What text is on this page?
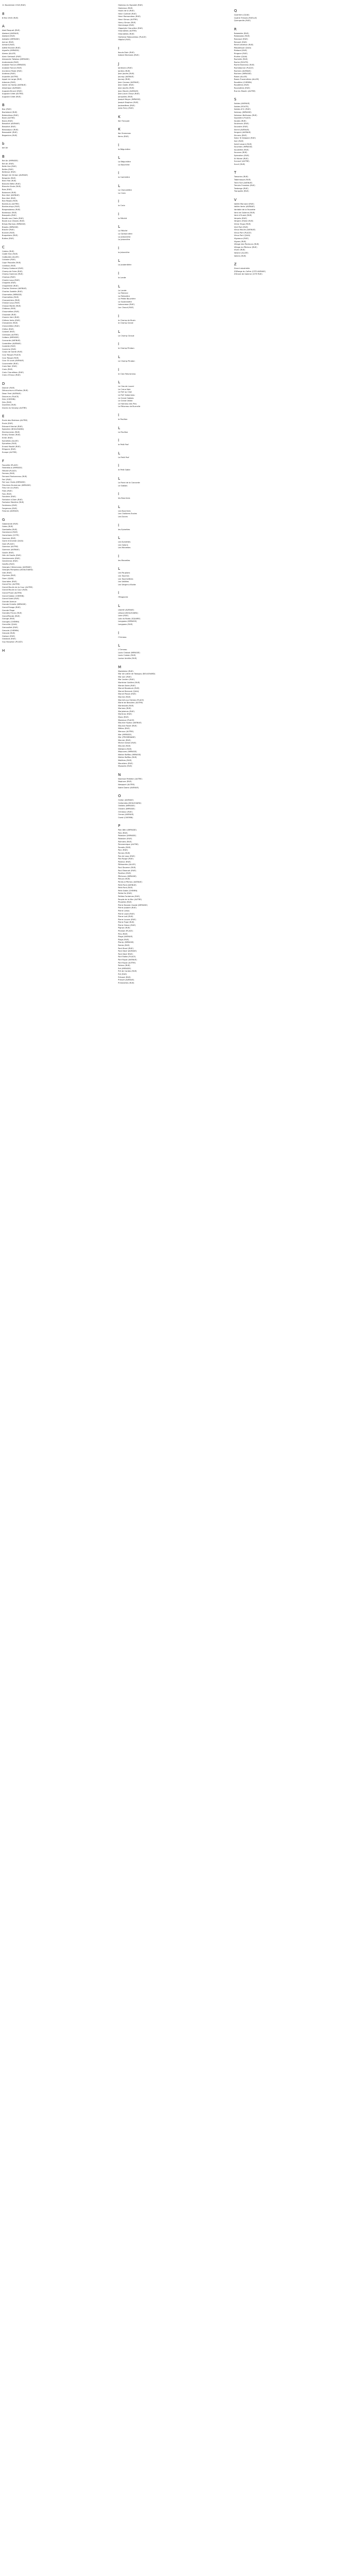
11 Novembre 1918 (RUE)
8
8 Mai 1945 (RUE)
A
Abel Pasquet (RUE)
Abelard (AVENUE)
Abelard (RUE)
Adolphe (IMPASSE)
Acinar (RUE)
Aimard (RUE)
Adèle Brulard (RUE)
Aigrefin (IMPASSE)
Alamo (ALLEE)
Alain Gerbault (RUE)
Alexandre Taliabez (IMPASSE)
Andromede (RUE)
Anatole France (IMPASSE)
Anatole France (RUE)
Ancienne Poste (RUE)
Andreos (RUE)
Anjoville (AUTRE)
Appel du Large (RUE)
Arbanes (RUE)
Astrie du Harbo (AVENUE)
Atlantique (AVENUE)
Auguste Brunel (RUE)
Auguste Gillet (AUTRE)
Auguste Gillet (RUE)
B
Bac (RUE)
Bachelard (RUE)
Balenckbos (RUE)
Bank (AUTRE)
Barra (RUE)
Beaufort (AVENUE)
Beaufort (RUE)
Beausejour (RUE)
Beausoleil (RUE)
Begoniers (RUE)
b
bel Air
B
Bel Air (IMPASSE)
Bel Air (RUE)
Belle Vue (RUE)
Belles (RUE)
Bellevue (RUE)
Berger de Clinton (AVENUE)
Bergerie (RUE)
Bien Fille (RUE)
Blanche Bélie (RUE)
Blanche Drole (RUE)
Bois (RUE)
Bolonnet (RUE)
Bon Abri (AVENUE)
Bon Abri (RUE)
Bon Repos (RUE)
Bonheurs (AUTRE)
Bonheurtoys (RUE)
Borgeaubeau (RUE)
Bordeaux (RUE)
Bosquets (RUE)
Bouée aux Chats (RUE)
Boule aux Cèaves (RUE)
Brisas Marinas (IMPASSE)
Brooks (IMPASSE)
Broche (RUE)
Bunnet (RUE)
Buquetons (RUE)
Buttes (RUE)
C
Cabins (RUE)
Cadet Han (RUE)
Cadbudes (ALLEE)
Calvaire (RUE)
Capri Pascalle (RUE)
Carabou (RUE)
Champ Cadavrel (RUE)
Champ de Foire (RUE)
Champ Garenne (RUE)
Champs (RUE)
Chante Loup (RUE)
Chapelle (RUE)
Chapellerie (RUE)
Charles Gimmer (AVENUE)
Charles Godelle (RUE)
Charmette (IMPASSE)
Charmettes (RUE)
Charpentiers (RUE)
Chasse Loup (RUE)
Chasse Marée (RUE)
Château (RUE)
Chaumettes (RUE)
Chazzale (RUE)
Chemin Vert (RUE)
Chênes Verts (RUE)
Chevalerie (RUE)
Chevreillière (RUE)
Chêne (RUE)
Colonel (RUE)
Clerisses (AUTRE)
Colbers (IMPASSE)
Concorde (AVENUE)
Cordelière (AVENUE)
Cordelle (RUE)
Corniche (RUE)
Corps de Garde (RUE)
Cour Rouge (PLACE)
Cour Rouge (RUE)
Cour St Louis (AVENUE)
Courcerelle (RUE)
Croix Noir (RUE)
Croix (RUE)
Croix Chaudileau (RUE)
Croix d'Oroux (RUE)
D
Dancer (RUE)
Découvreurs d'Étoiles (RUE)
Dean Fred (AVENUE)
Douceurs (PLACE)
Drie (CHEMIN)
Dris (RUE)
Dunières (RUE)
Dunes du Secway (AUTRE)
E
École des Matrises (AUTRE)
École (RUE)
Edouard Herriot (RUE)
Eglantier (BOULEVARD)
Electronicien (RUE)
Emery Erebin (RUE)
Enfer (RUE)
Epinettes (ALLEE)
Epinettes (RUE)
Ernest Moullé (RUE)
Ethgorre (RUE)
Europe (AUTRE)
F
Fauvette (PLACE)
Federelaux (IMPASSE)
Félicité (PLACE)
Fermes (RUE)
Fernand Pontonneau (RUE)
Ferl (RUE)
Ferl aux Chats (IMPASSE)
Fleurines Dumenran (IMPASSE)
Fleur de Lis (RUE)
Flots (RUE)
Foix (RUE)
Fonderie (RUE)
Fontaine à Dom (RUE)
Fontaine Menière (RUE)
Forbineau (RUE)
Forgerons (RUE)
Fresnes (AVENUE)
G
Gabaronde (RUE)
Gales (RUE)
Gambetta (RUE)
Garamone (RUE)
Garachaes (COTE)
Garenne (RUE)
Garre d'Arveste (QUAI)
Gare (PLACE)
Garenne (AUTRE)
Garenne (AVENUE)
Gaulle (RUE)
Gén de Gaulle (RUE)
Gendarmerie (RUE)
Gendirmes (RUE)
Genêts (RUE)
Georges Clémenceau (AVENUE)
Georges Pompidou (BOULEVARD)
Gite (RUE)
Glycines (RUE)
Gonn (QUAI)
Gourlates (RUE)
Grand Fen (AUTRE)
Grand Moulin de la Cour (AUTRE)
Grand Moulin la Cour (RUE)
Grand Phare (AUTRE)
Grand Sablon (CHEMIN)
Grand Soleil (RUE)
Grande Avenue
Grande Echelle (IMPASSE)
Grand Rivage (RUE)
Grande Plage
Grandes Fleurs (RUE)
Grand'Ronde (RUE)
Grange (RUE)
Granges (CHEMIN)
Granville (QUAI)
Grenouillet (RUE)
Grevole (CHEMIN)
Grevole (RUE)
Groison (RUE)
Grosbois (RUE)
Guy Burginon (PLACE)
H
Hameau du Signalet (RUE)
Hameaux (RUE)
Hauts de la (RUE)
Henri Collinet (RUE)
Henri Ramondeau (RUE)
Henri Simon (AUTRE)
Henry Simon (RUE)
Herminage (RUE)
Hippolyte Chauvière (RUE)
Hirondelles (AUTRE)
Hirondelles (RUE)
Hortense Rabourdeau (PLACE)
Hôpital (RUE)
I
Iboulo Dain (RUE)
Isidore Marinaes (RUE)
J
Jardinans (RUE)
Jardins (RUE)
Jean Jaurès (RUE)
Jaunay (AVENUE)
Jaunay (RUE)
Jean Cacaou (AVENUE)
Jean Gadin (RUE)
Jean Jaurès (RUE)
Jean Moulin (AVENUE)
Jean-Louis Chays (RUE)
Jonquilles (RUE)
Joseph Mayer (IMPASSE)
Joseph Stephan (RUE)
Joubredères (RUE)
Jules Ferry (RUE)
K
Ker Françoie
K
Ker Eremenec
Kerro (RUE)
l
la Béguinière
L
La Béguinière
La Bouchère
l
la Cantinière
L
La Chanvelière
La Croix
l
la Croix
l
la Félicité
L
La Félicité
La Garbonnière
La Jallonnière
La Jalonnière
l
la Jalonnière
L
La Jauberdière
l
la Lande
L
La Lande
La Palenne
La Pallanière
La Petite Bouchère
La Soubrasière
Labourasse (RUE)
Lac Chaud (RUE)
l
le Champ de Busin
le Champ Girard
L
Le Champ Giraud
l
le Champ Pimbon
L
Le Champ Pinaton
l
le Clos Febvraneau
L
Le Clos de Lourel
Le Creux Noir
Le Fief au Chat
Le Fief Gaborneau
Le Grand Sablais
Le Grand Vallon
Le Haineau des Pins
Le Pâtureau de Burnelle
l
le Pavillon
L
Le Pavillon
l
le Petit Parf
L
Le Petit Parf
l
le Petit Sable
L
Le Point de la Concorde
Le Sablais
l
les Bourrines
L
Les Bourrines
Les Chelleres Ecoles
Les Dunes
l
les Epinettes
L
Les Epinettes
Les Galons
Les Marzelles
l
les Marzelles
L
Les Pauplons
Les Touches
Les Touchelières
Les Valilées
Les Vergers d'Ilotte
l
l'Étagnerie
L
Liberté (AVENUE)
Littoral (BOULEVARD)
Loire (RUE)
Lolo du Roidu (SQUARE)
Longpass (IMPASSE)
Longpass (RUE)
l
l'Ormeau
L
L'Ormeau
Louis Chabot (IMPASSE)
Louis Crobec (RUE)
Louise Amélie (RUE)
M
Madeleine (RUE)
Mar de Lattre de Tassigny (BOULEVARD)
Mar Juin (RUE)
Mar Leclerc (RUE)
Maréchal Galliéni (RUE)
Marais Sales (RUE)
Marcel Baudouin (RUE)
Marcel Bernard (QUAI)
Marcel Pasub (RUE)
Marche (RUE)
Marché aux Herbes (PLACE)
Marie de Beaulieu (AUTRE)
Marienade (RUE)
Marines (RUE)
Marjolaines (RUE)
Martinez (RUE)
Mazo (RUE)
Mazeaux (PLACE)
Maurice Hyalsz (AVENUE)
Maurice Ravel (RUE)
Mélies (RUE)
Menoux (AUTRE)
Mer (IMPASSE)
Mer (PROMENADE)
Mercier (RUE)
Michel Gelsel (RUE)
Meunie (RUE)
Mettaire (RUE)
Mejaunes (IMPASSE)
Mettre Raffles (IMPASSE)
Mettre Raffles (RUE)
Molières (RUE)
Moustiers (RUE)
Myosotis (RUE)
N
Narcisse Pelletier (AUTRE)
Neptune (RUE)
Nesoport (AUTRE)
Notre Dame (AVENUE)
O
Océan (AVENUE)
Océanides (BOULEVARD)
Oeillets (IMPASSE)
Oliviers (IMPASSE)
Ormeaux (RUE)
Ormes (AVENUE)
Ouest (CHEMIN)
P
Pain Béni (IMPASSE)
Paix (RUE)
Palaisien (IMPASSE)
Palaisien (RUE)
Palmiers (RUE)
Panoramique (AUTRE)
Paradis (RUE)
Parc (RUE)
Parnes (RUE)
Pas de Loup (RUE)
Pas Rouge (RUE)
Pasteur (RUE)
Pâtisseries (ALLEE)
Paul Doumer (RUE)
Paul Eleanart (RUE)
Pavillon (RUE)
Pêcheurs (IMPASSE)
Peluon (RUE)
Perles à Pêcheu (AVENUE)
Petit Pont (AVENUE)
Petit Pont (RUE)
Petit Sable (CHEMIN)
Petite Île (RUE)
Petites Fontaines (RUE)
Peuple de la Mer (AUTRE)
Pharette (RUE)
Pierre Bussier-Goulat (IMPASSE)
Pierre Joubert (RUE)
Pierre Lahou
Pierre Lazai (RUE)
Pierre Loti (RUE)
Pierre Louvre (RUE)
Pierre Pujol (RUE)
Pierre Simon (RUE)
Pignon (RUE)
Pinasse (PLACE)
Pins (RUE)
Plage (AVENUE)
Plage (RUE)
Planty (IMPASSE)
Pointe (RUE)
Pont Bruel (RUE)
Pont Neuf (AVENUE)
Pont Neuf (RUE)
Port Fidèle (PLACE)
Port Royal (AVENUE)
Port Royal (AUTRE)
Potiers (RUE)
Pré (IMPASSE)
Pré de Cordes (RUE)
Pré (RUE)
Prévost (RUE)
Prieuré (AVENUE)
Primevères (RUE)
Q
Quartiers (QUAI)
Quatre Fresses (RUELLE)
Quimperlés (RUE)
R
Rabalatte (RUE)
Rabasseas (RUE)
Rasnaud (RUE)
Renoult (RUE)
René Lebreton (RUE)
République (QUAI)
Riebard (RUE)
Ringone (RUE)
Rivière (QUAI)
Rochelle (RUE)
Roche (ROUTE)
Roche Bonneau (RUE)
Rochebonne (PLACE)
Rochers (AVENUE)
Rochers (IMPASSE)
Roses (ALLEE)
Roses Traversières (ALLEE)
Roudière (CHEMIN)
Roudières (RUE)
Rounsières (RUE)
Rue du Moulin (AUTRE)
S
Sables (AVENUE)
Sables (ROUTE)
Sables d'Or (RUE)
Salenay (IMPASSE)
Salomon Belliveau (RUE)
Sapinière (PLACE)
Sautes (RUE)
Sautreurs (RUE)
Sauvaire (RUE)
Sechil (AVENUE)
Sergent (AVENUE)
Sinners (RUE)
Sœur St Dalpone (RUE)
Soir (RUE)
Soleil Levant (RUE)
Souchais (IMPASSE)
Sourdière (RUE)
Sources (RUE)
Spiendien (RUE)
St Michel (RUE)
Surcouf (AUTRE)
Surcil (RUE)
T
Tamarins (RUE)
Tabernaque (RUE)
Terre Fort (AVENUE)
Terroirs Frandais (RUE)
Tonberge (RUE)
Tranquille (RUE)
V
Vallée Morvand (RUE)
Vallée Verte (AVENUE)
Variable de la Fauvette
Vent de Galerne (RUE)
Vent d'Ouest (RUE)
Verpets (RUE)
Vergers d'Ilote (RUE)
Victor Hugo (RUE)
Vieil Port (RUE)
Vieux Moulin (AVENUE)
Vieux Port (PLACE)
Vieux Port (QUAI)
Vigneaux (RUE)
Vignes (RUE)
Village des Pecheurs (RUE)
Village du Pêcheur (RUE)
Vivier (RUE)
Voisine (ALLEE)
Voliers (RUE)
Z
Zone Industrielle
ZGBarge du Caître (CITE AVENUE)
ZGhard de Galerne (CITE RUE)
